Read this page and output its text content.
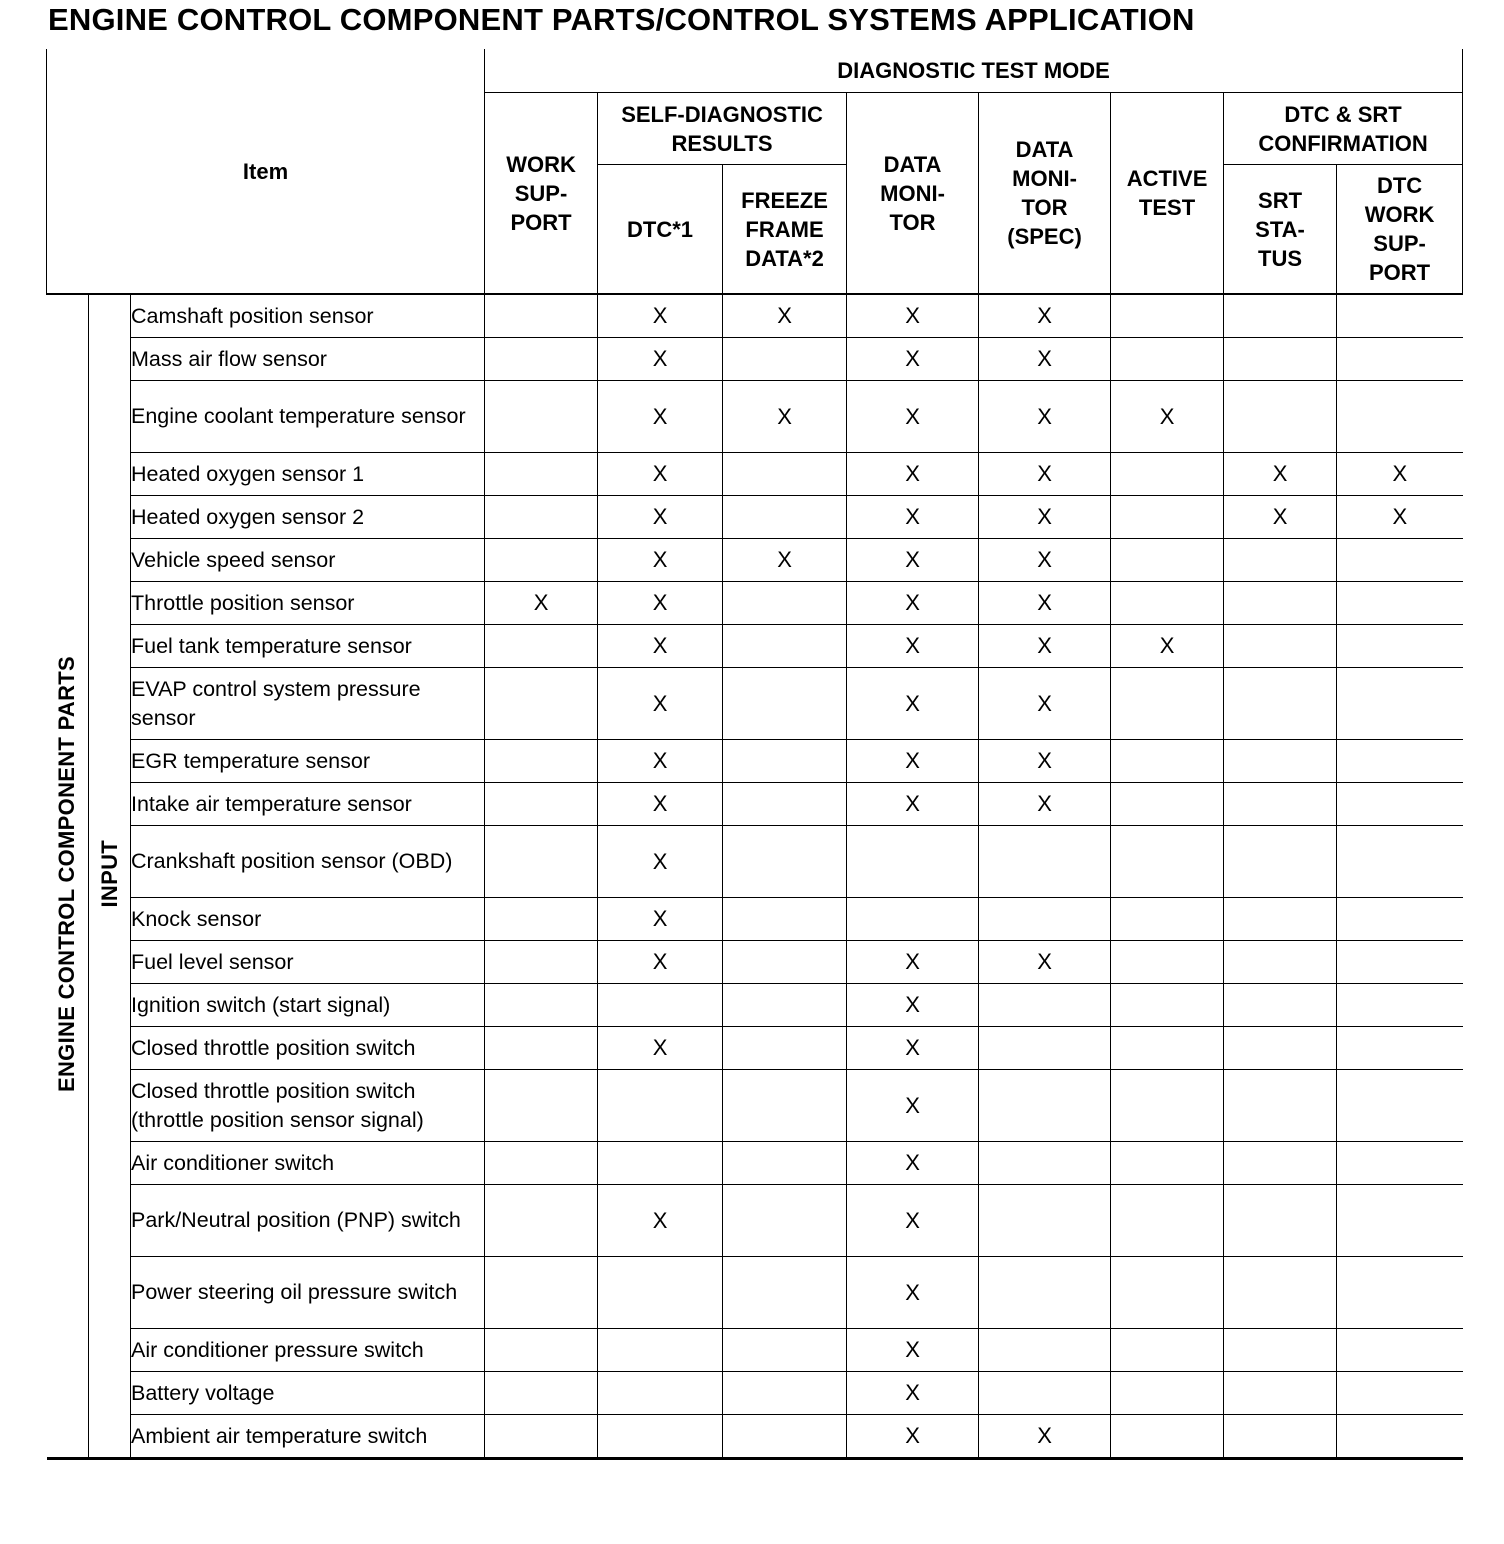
ENGINE CONTROL COMPONENT PARTS/CONTROL SYSTEMS APPLICATION
Item			DIAGNOSTIC TEST MODE							
			WORK SUP-PORT	SELF-DIAGNOSTIC RESULTS		DATA MONI-TOR	DATA MONI-TOR (SPEC)	ACTIVE TEST	DTC & SRT CONFIRMATION	
				DTC*1	FREEZE FRAME DATA*2				SRT STA-TUS	DTC WORK SUP-PORT
ENGINE CONTROL COMPONENT PARTS	INPUT	Camshaft position sensor		X	X	X	X			
		Mass air flow sensor		X		X	X			
		Engine coolant temperature sensor		X	X	X	X	X		
		Heated oxygen sensor 1		X		X	X		X	X
		Heated oxygen sensor 2		X		X	X		X	X
		Vehicle speed sensor		X	X	X	X			
		Throttle position sensor	X	X		X	X			
		Fuel tank temperature sensor		X		X	X	X		
		EVAP control system pressure sensor		X		X	X			
		EGR temperature sensor		X		X	X			
		Intake air temperature sensor		X		X	X			
		Crankshaft position sensor (OBD)		X						
		Knock sensor		X						
		Fuel level sensor		X		X	X			
		Ignition switch (start signal)				X				
		Closed throttle position switch		X		X				
		Closed throttle position switch (throttle position sensor signal)				X				
		Air conditioner switch				X				
		Park/Neutral position (PNP) switch		X		X				
		Power steering oil pressure switch				X				
		Air conditioner pressure switch				X				
		Battery voltage				X				
		Ambient air temperature switch				X	X			
